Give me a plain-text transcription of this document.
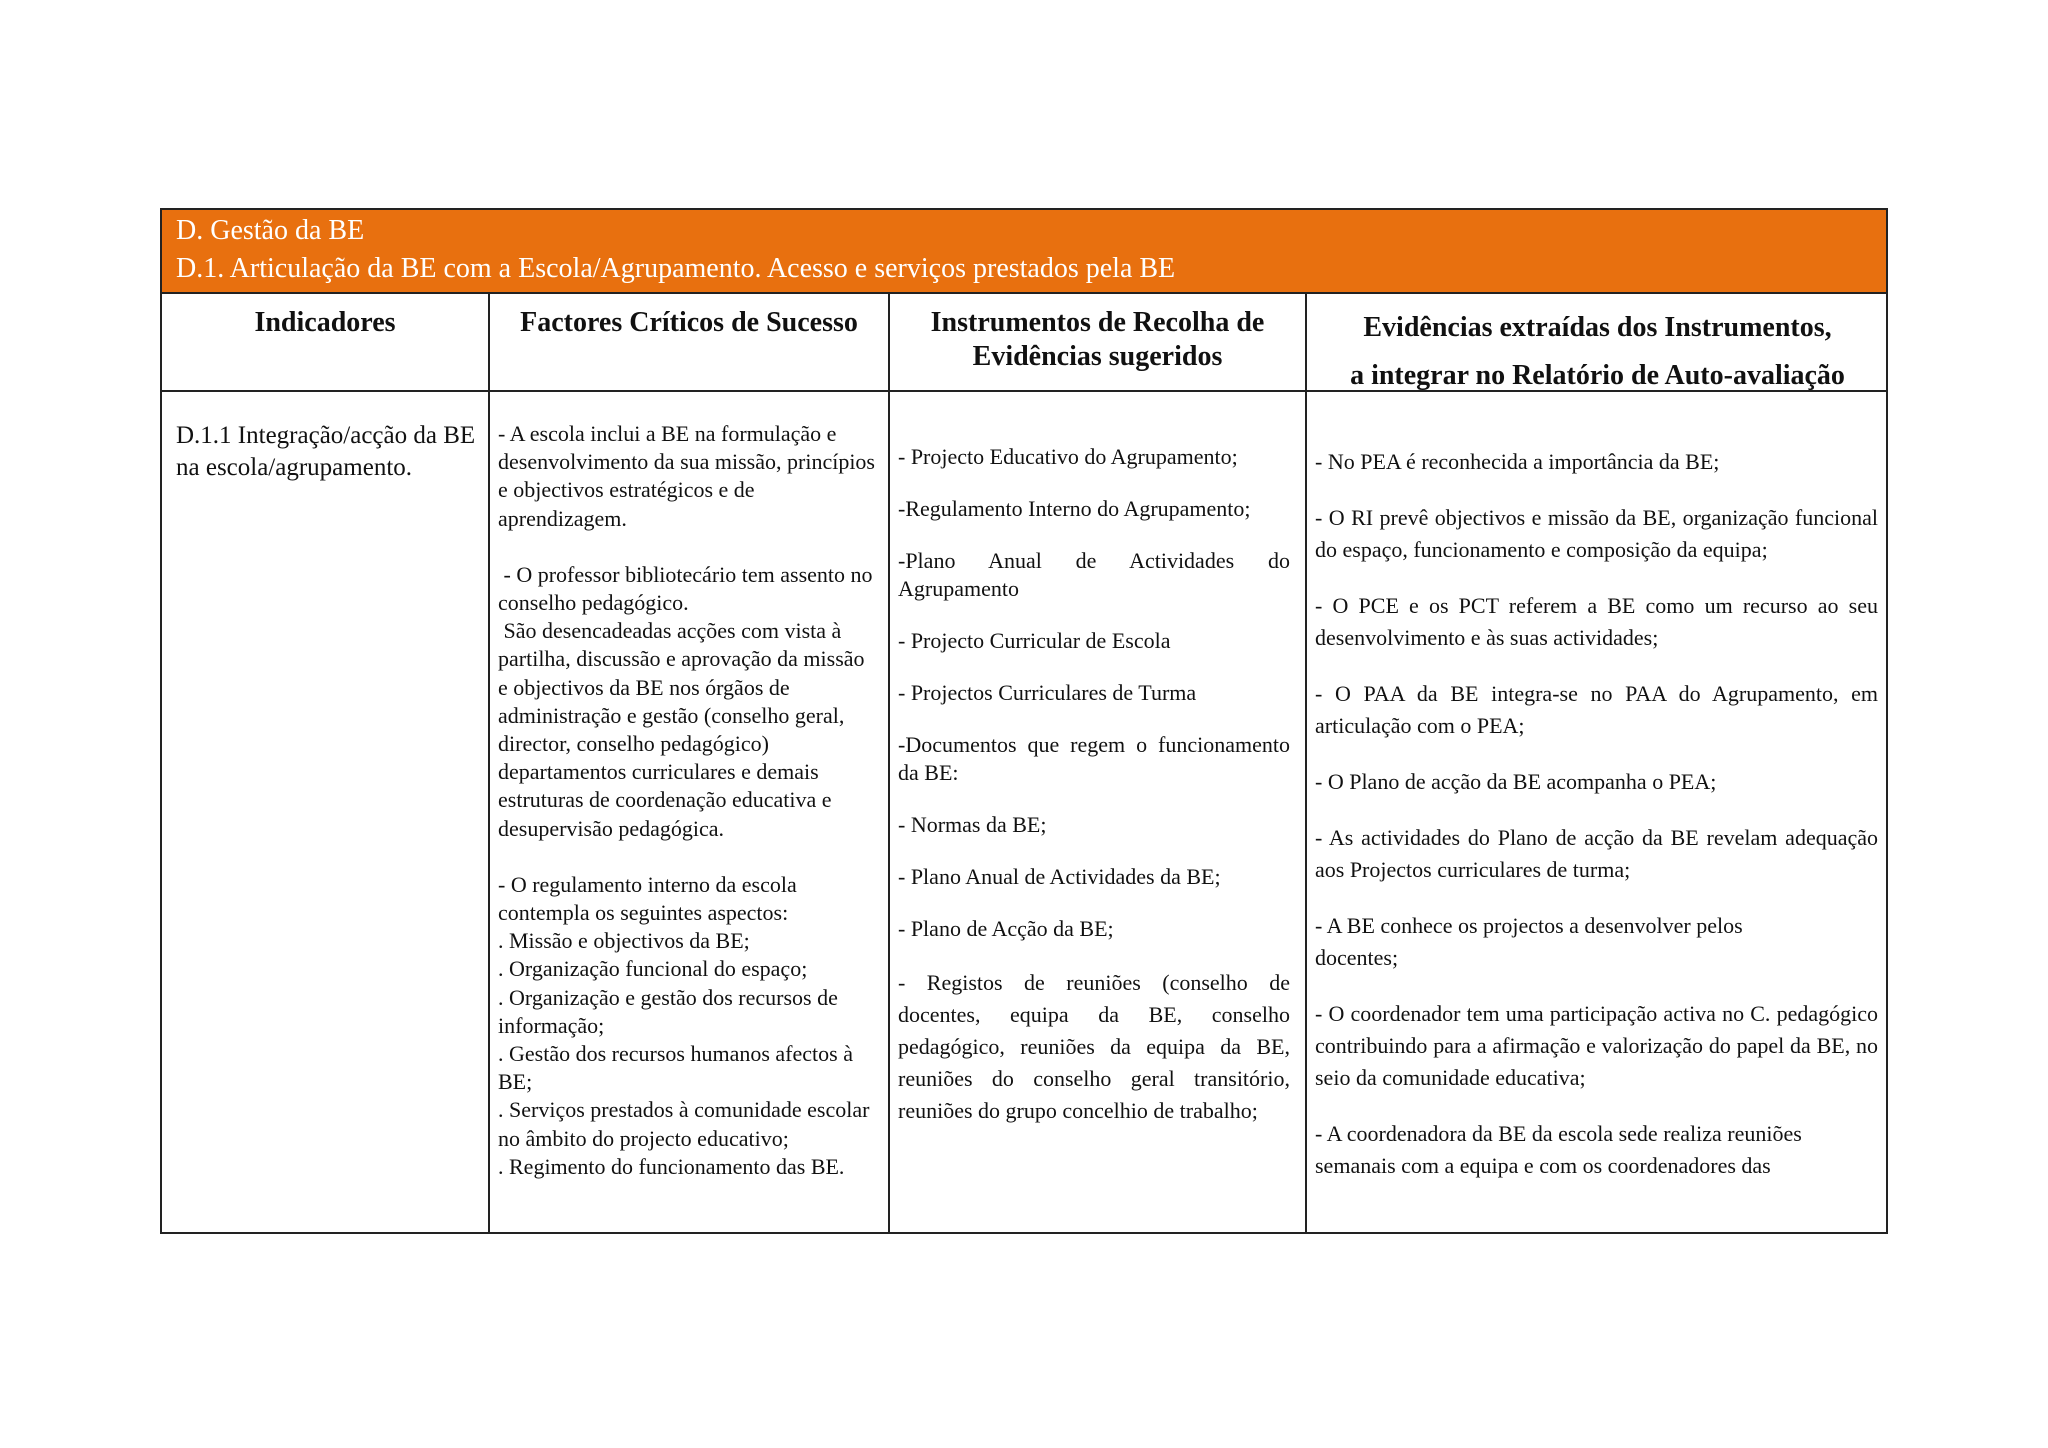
D. Gestão da BE
D.1. Articulação da BE com a Escola/Agrupamento. Acesso e serviços prestados pela BE
Indicadores	Factores Críticos de Sucesso	Instrumentos de Recolha de
Evidências sugeridos
Evidências extraídas dos Instrumentos,
a integrar no Relatório de Auto-avaliação

D.1.1 Integração/acção da BE na escola/agrupamento.

- A escola inclui a BE na formulação e desenvolvimento da sua missão, princípios e objectivos estratégicos e de aprendizagem.

- O professor bibliotecário tem assento no conselho pedagógico.
São desencadeadas acções com vista à partilha, discussão e aprovação da missão e objectivos da BE nos órgãos de administração e gestão (conselho geral, director, conselho pedagógico) departamentos curriculares e demais estruturas de coordenação educativa e desupervisão pedagógica.

- O regulamento interno da escola contempla os seguintes aspectos:
. Missão e objectivos da BE;
. Organização funcional do espaço;
. Organização e gestão dos recursos de informação;
. Gestão dos recursos humanos afectos à BE;
. Serviços prestados à comunidade escolar no âmbito do projecto educativo;
. Regimento do funcionamento das BE.

- Projecto Educativo do Agrupamento;

-Regulamento Interno do Agrupamento;

-Plano Anual de Actividades do Agrupamento

- Projecto Curricular de Escola

- Projectos Curriculares de Turma

-Documentos que regem o funcionamento da BE:

- Normas da BE;

- Plano Anual de Actividades da BE;

- Plano de Acção da BE;

- Registos de reuniões (conselho de docentes, equipa da BE, conselho pedagógico, reuniões da equipa da BE, reuniões do conselho geral transitório, reuniões do grupo concelhio de trabalho;

- No PEA é reconhecida a importância da BE;

- O RI prevê objectivos e missão da BE, organização funcional do espaço, funcionamento e composição da equipa;

- O PCE e os PCT referem a BE como um recurso ao seu desenvolvimento e às suas actividades;

- O PAA da BE integra-se no PAA do Agrupamento, em articulação com o PEA;

- O Plano de acção da BE acompanha o PEA;

- As actividades do Plano de acção da BE revelam adequação aos Projectos curriculares de turma;

- A BE conhece os projectos a desenvolver pelos docentes;

- O coordenador tem uma participação activa no C. pedagógico contribuindo para a afirmação e valorização do papel da BE, no seio da comunidade educativa;

- A coordenadora da BE da escola sede realiza reuniões semanais com a equipa e com os coordenadores das
